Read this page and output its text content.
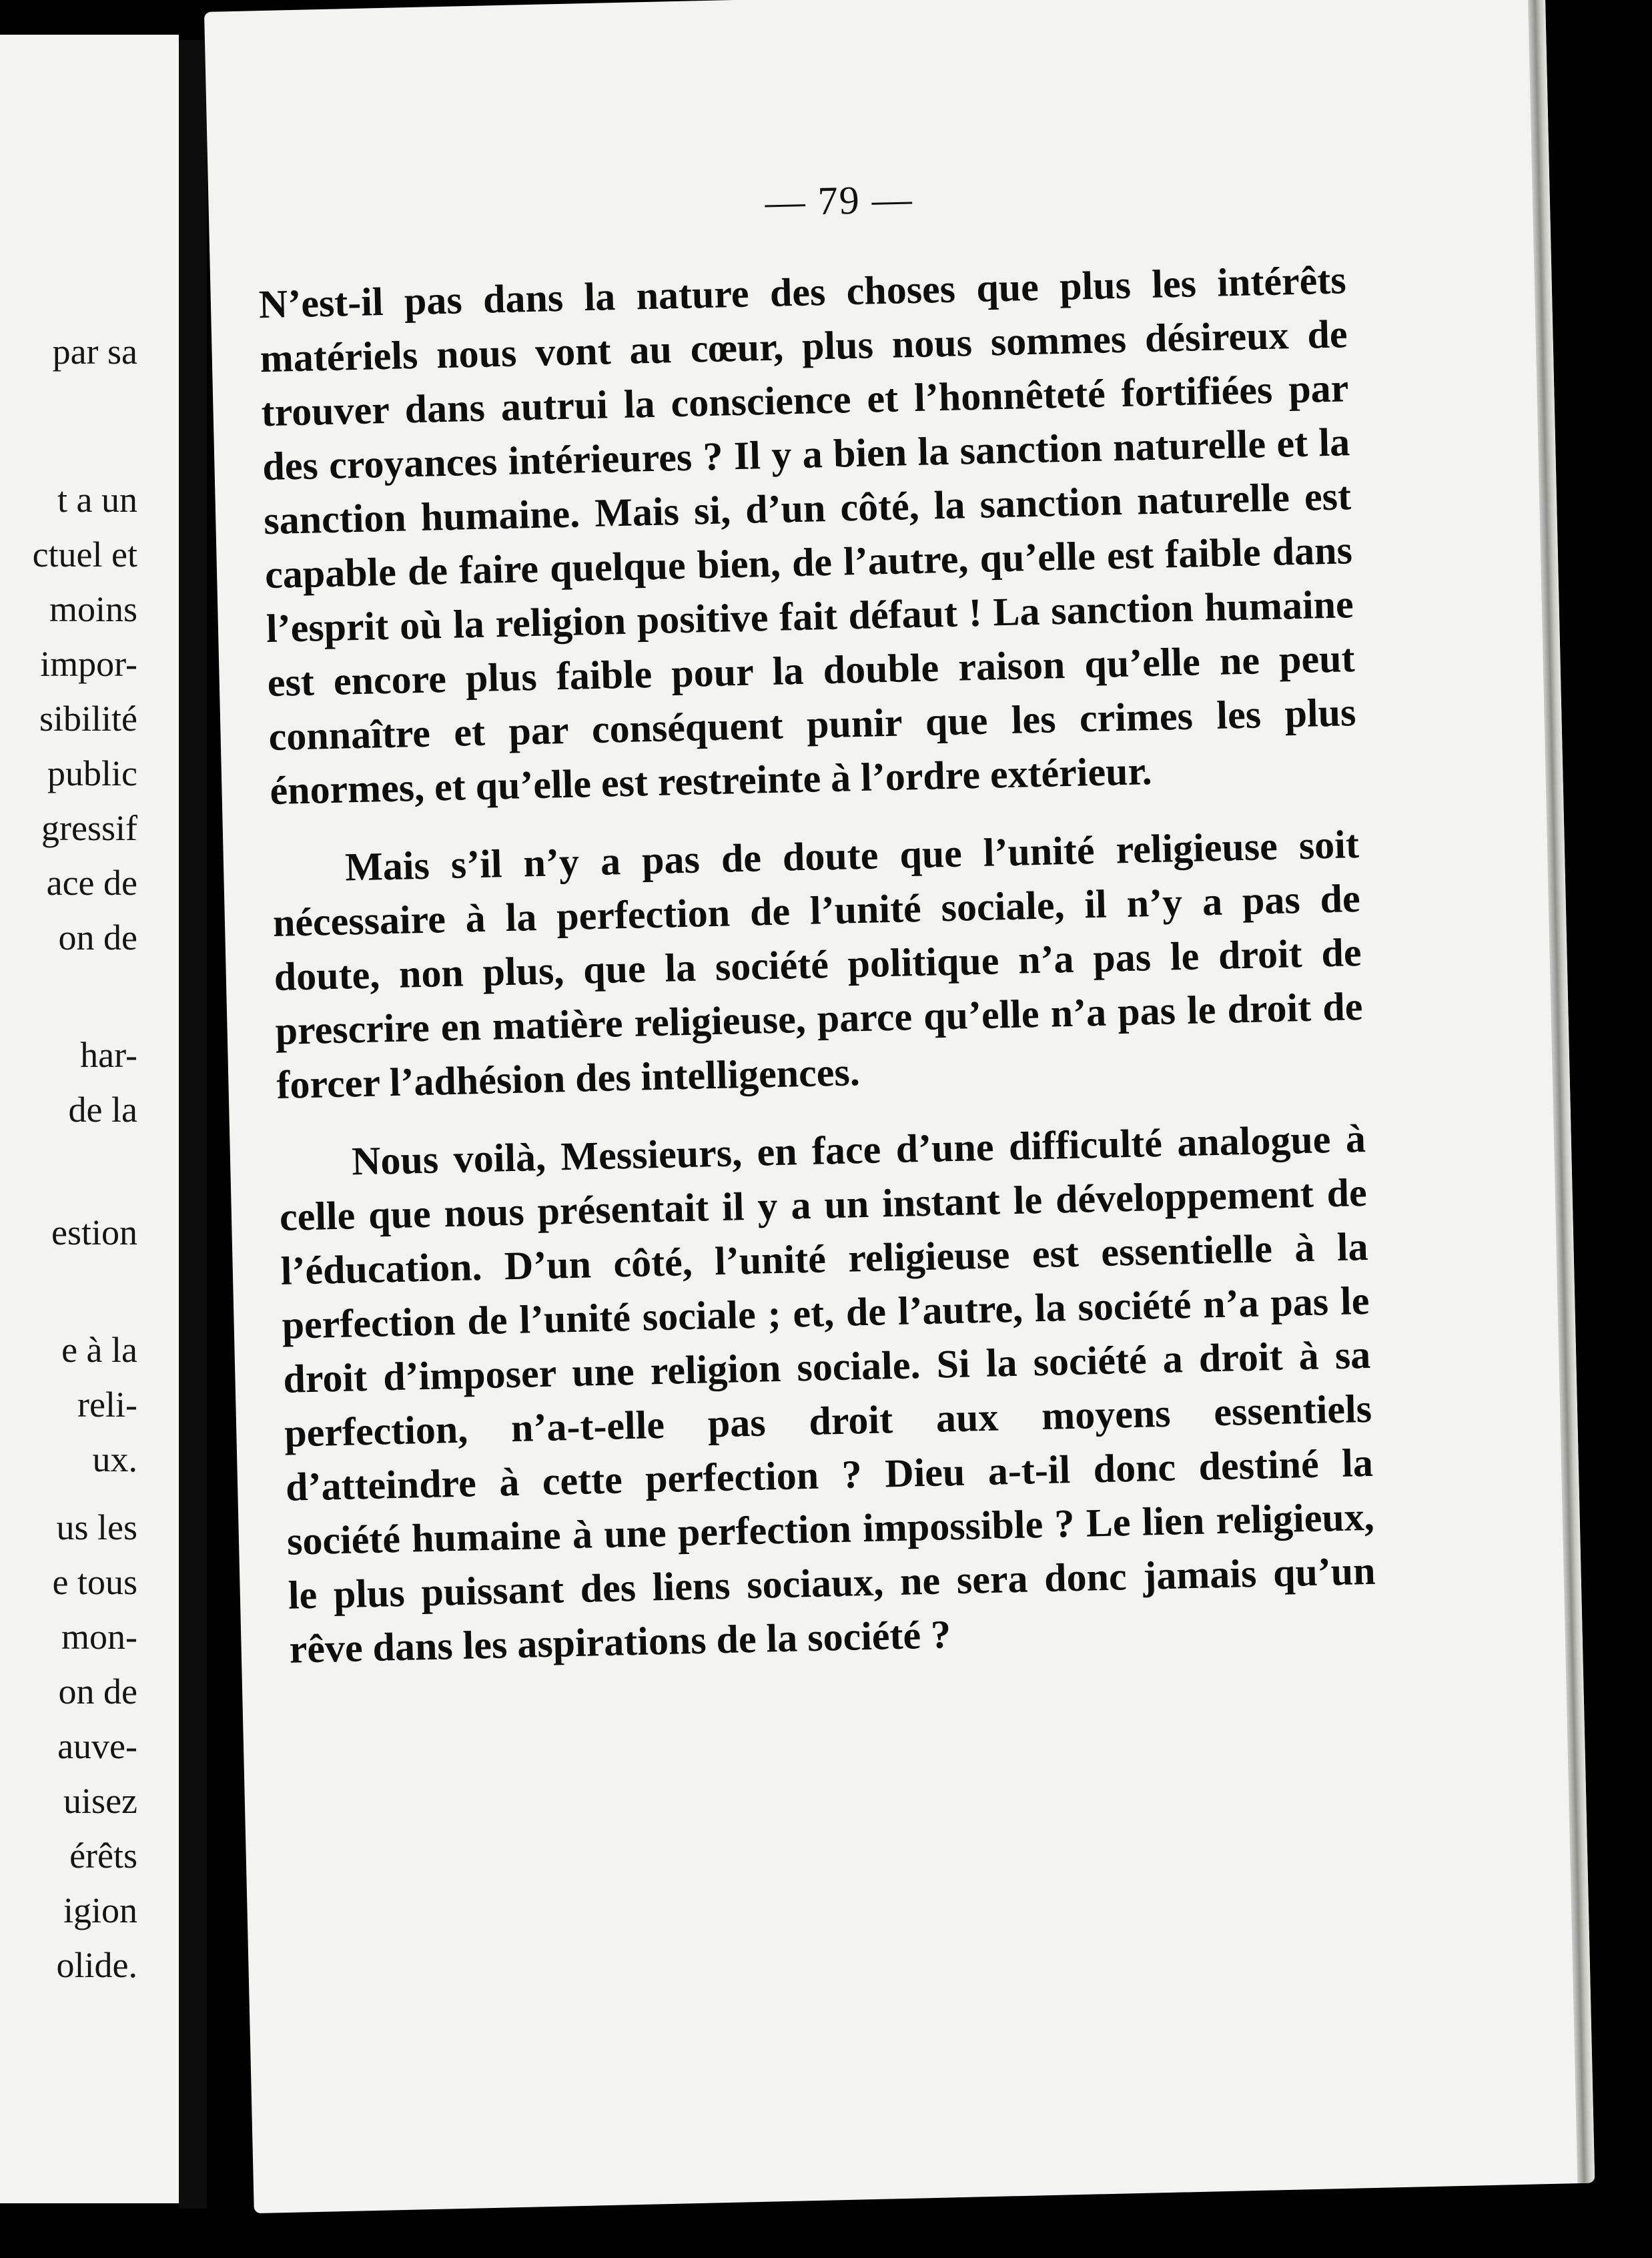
par sa
t a un
ctuel et
moins
impor-
sibilité
public
gressif
ace de
on de
har-
de la
estion
e à la
reli-
ux.
us les
e tous
mon-
on de
auve-
uisez
érêts
igion
olide.
— 79 —

N’est-il pas dans la nature des choses que plus les intérêts matériels nous vont au cœur, plus nous sommes désireux de trouver dans autrui la conscience et l’honnêteté fortifiées par des croyances intérieures ? Il y a bien la sanction naturelle et la sanction humaine. Mais si, d’un côté, la sanction naturelle est capable de faire quelque bien, de l’autre, qu’elle est faible dans l’esprit où la religion positive fait défaut ! La sanction humaine est encore plus faible pour la double raison qu’elle ne peut connaître et par conséquent punir que les crimes les plus énormes, et qu’elle est restreinte à l’ordre extérieur.

Mais s’il n’y a pas de doute que l’unité religieuse soit nécessaire à la perfection de l’unité sociale, il n’y a pas de doute, non plus, que la société politique n’a pas le droit de prescrire en matière religieuse, parce qu’elle n’a pas le droit de forcer l’adhésion des intelligences.

Nous voilà, Messieurs, en face d’une difficulté analogue à celle que nous présentait il y a un instant le développement de l’éducation. D’un côté, l’unité religieuse est essentielle à la perfection de l’unité sociale ; et, de l’autre, la société n’a pas le droit d’imposer une religion sociale. Si la société a droit à sa perfection, n’a-t-elle pas droit aux moyens essentiels d’atteindre à cette perfection ? Dieu a-t-il donc destiné la société humaine à une perfection impossible ? Le lien religieux, le plus puissant des liens sociaux, ne sera donc jamais qu’un rêve dans les aspirations de la société ?
